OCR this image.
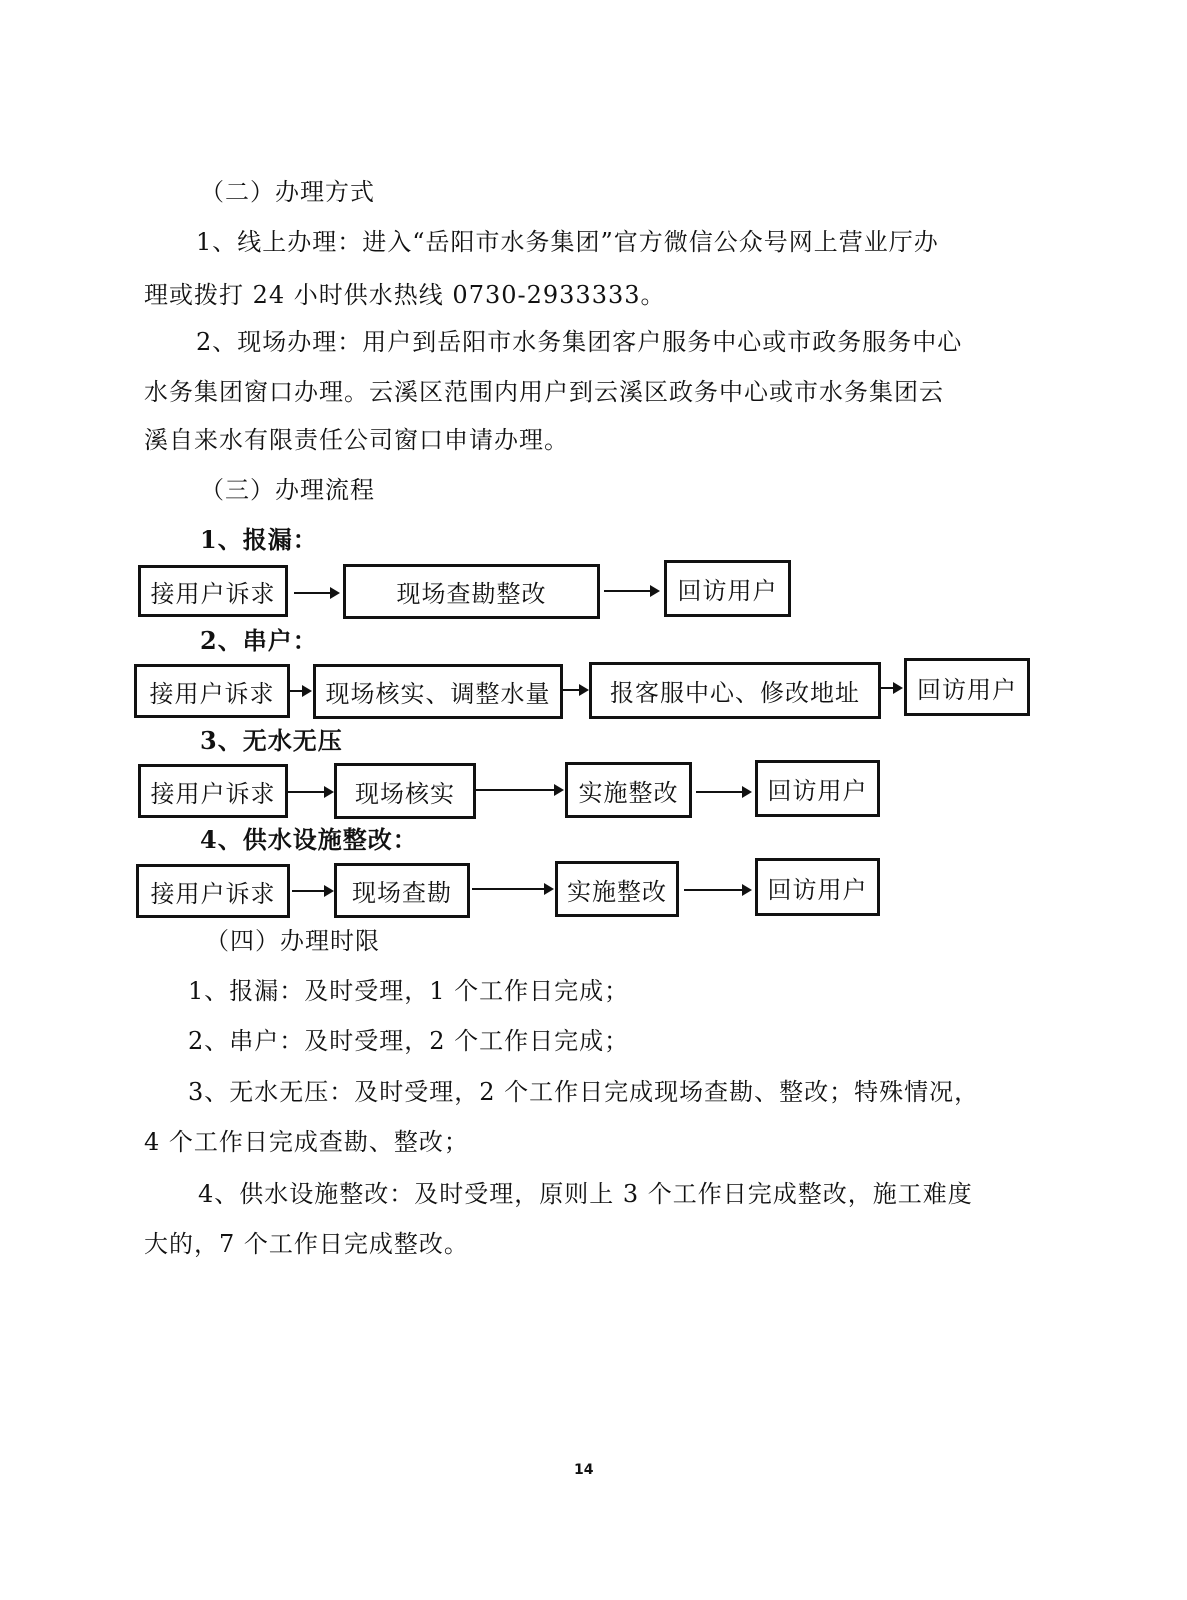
（二）办理方式
1、线上办理：进入“岳阳市水务集团”官方微信公众号网上营业厅办
理或拨打 24 小时供水热线 0730-2933333。
2、现场办理：用户到岳阳市水务集团客户服务中心或市政务服务中心
水务集团窗口办理。云溪区范围内用户到云溪区政务中心或市水务集团云
溪自来水有限责任公司窗口申请办理。
（三）办理流程
1、报漏：
接用户诉求	现场查勘整改	回访用户
2、串户：
接用户诉求	现场核实、调整水量	报客服中心、修改地址	回访用户
3、无水无压
接用户诉求	现场核实	实施整改	回访用户
4、供水设施整改：
接用户诉求	现场查勘	实施整改	回访用户
（四）办理时限
1、报漏：及时受理，1 个工作日完成；
2、串户：及时受理，2 个工作日完成；
3、无水无压：及时受理，2 个工作日完成现场查勘、整改；特殊情况，
4 个工作日完成查勘、整改；
4、供水设施整改：及时受理，原则上 3 个工作日完成整改，施工难度
大的，7 个工作日完成整改。
14
